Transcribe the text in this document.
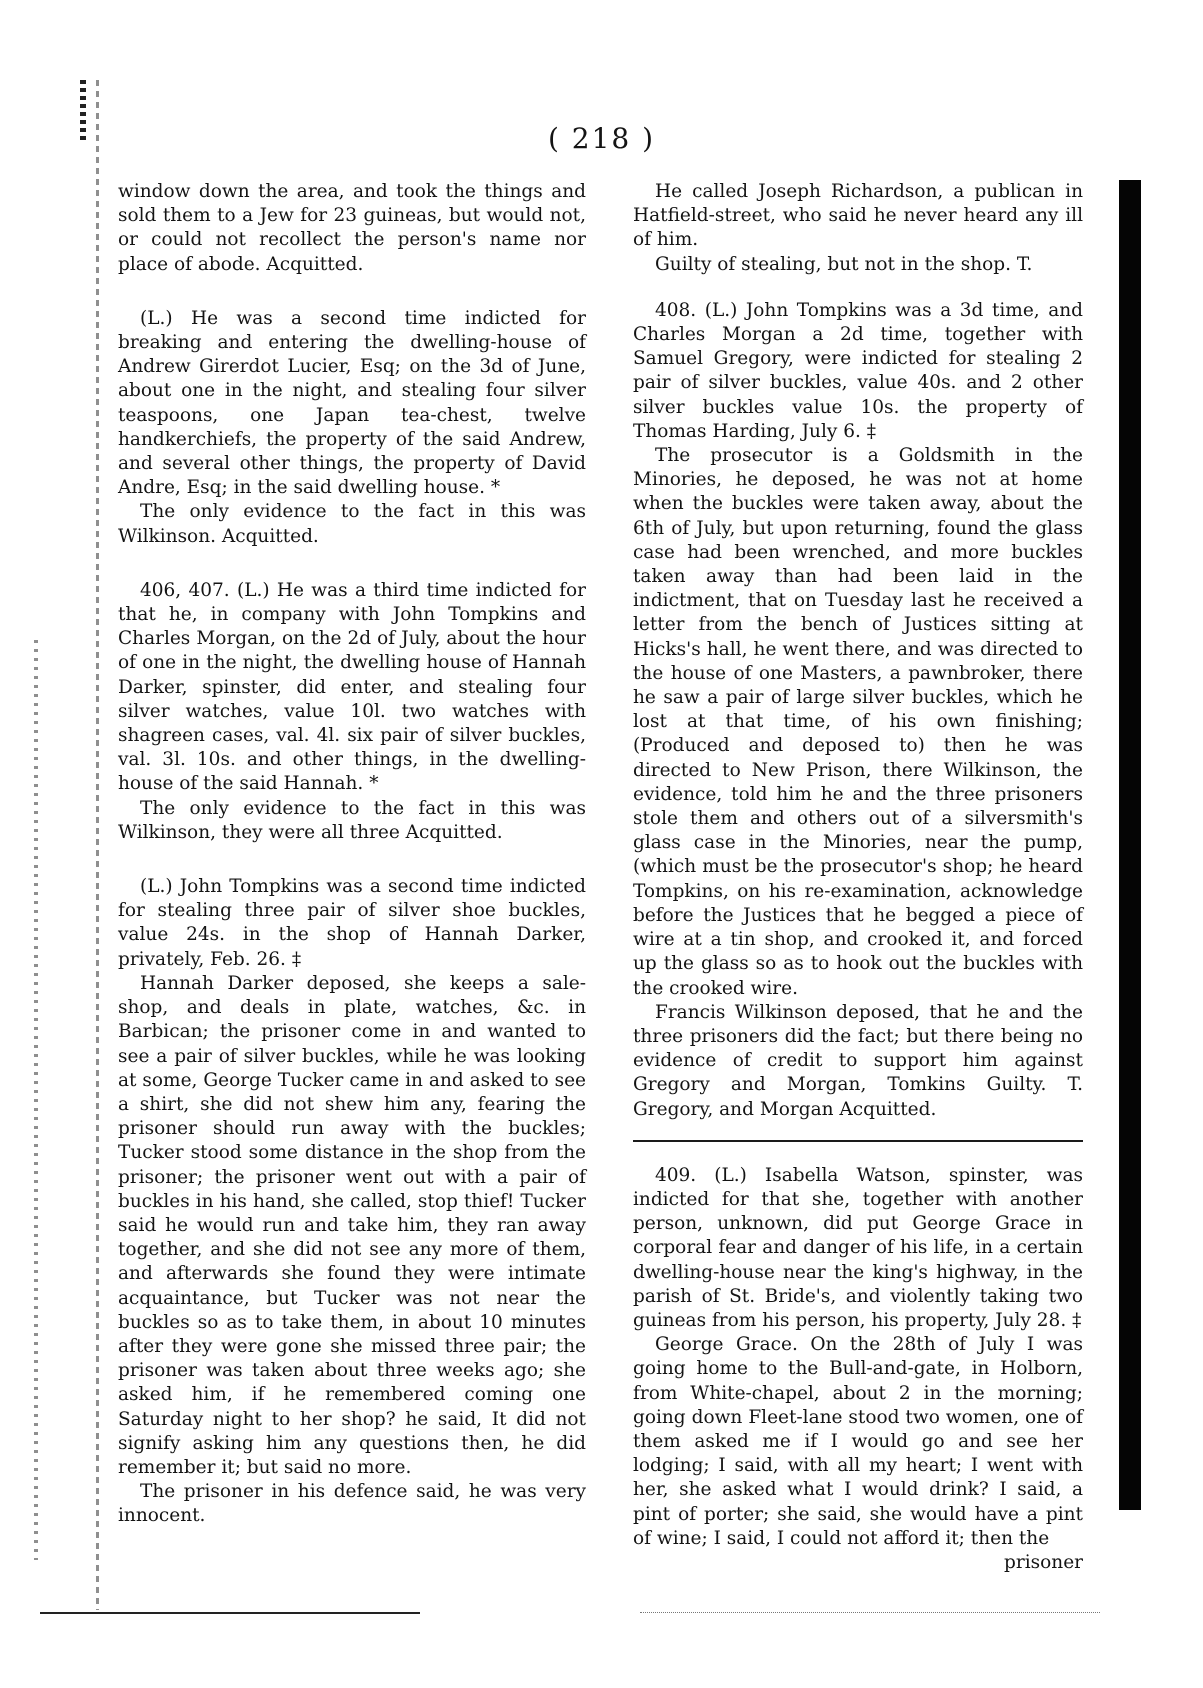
( 218 )

window down the area, and took the things and sold them to a Jew for 23 guineas, but would not, or could not recollect the person's name nor place of abode. Acquitted.

(L.) He was a second time indicted for breaking and entering the dwelling-house of Andrew Girerdot Lucier, Esq; on the 3d of June, about one in the night, and stealing four silver teaspoons, one Japan tea-chest, twelve handkerchiefs, the property of the said Andrew, and several other things, the property of David Andre, Esq; in the said dwelling house. *

The only evidence to the fact in this was Wilkinson. Acquitted.

406, 407. (L.) He was a third time indicted for that he, in company with John Tompkins and Charles Morgan, on the 2d of July, about the hour of one in the night, the dwelling house of Hannah Darker, spinster, did enter, and stealing four silver watches, value 10l. two watches with shagreen cases, val. 4l. six pair of silver buckles, val. 3l. 10s. and other things, in the dwelling-house of the said Hannah. *

The only evidence to the fact in this was Wilkinson, they were all three Acquitted.

(L.) John Tompkins was a second time indicted for stealing three pair of silver shoe buckles, value 24s. in the shop of Hannah Darker, privately, Feb. 26. ‡

Hannah Darker deposed, she keeps a sale-shop, and deals in plate, watches, &c. in Barbican; the prisoner come in and wanted to see a pair of silver buckles, while he was looking at some, George Tucker came in and asked to see a shirt, she did not shew him any, fearing the prisoner should run away with the buckles; Tucker stood some distance in the shop from the prisoner; the prisoner went out with a pair of buckles in his hand, she called, stop thief! Tucker said he would run and take him, they ran away together, and she did not see any more of them, and afterwards she found they were intimate acquaintance, but Tucker was not near the buckles so as to take them, in about 10 minutes after they were gone she missed three pair; the prisoner was taken about three weeks ago; she asked him, if he remembered coming one Saturday night to her shop? he said, It did not signify asking him any questions then, he did remember it; but said no more.

The prisoner in his defence said, he was very innocent.

He called Joseph Richardson, a publican in Hatfield-street, who said he never heard any ill of him.

Guilty of stealing, but not in the shop. T.

408. (L.) John Tompkins was a 3d time, and Charles Morgan a 2d time, together with Samuel Gregory, were indicted for stealing 2 pair of silver buckles, value 40s. and 2 other silver buckles value 10s. the property of Thomas Harding, July 6. ‡

The prosecutor is a Goldsmith in the Minories, he deposed, he was not at home when the buckles were taken away, about the 6th of July, but upon returning, found the glass case had been wrenched, and more buckles taken away than had been laid in the indictment, that on Tuesday last he received a letter from the bench of Justices sitting at Hicks's hall, he went there, and was directed to the house of one Masters, a pawnbroker, there he saw a pair of large silver buckles, which he lost at that time, of his own finishing; (Produced and deposed to) then he was directed to New Prison, there Wilkinson, the evidence, told him he and the three prisoners stole them and others out of a silversmith's glass case in the Minories, near the pump, (which must be the prosecutor's shop; he heard Tompkins, on his re-examination, acknowledge before the Justices that he begged a piece of wire at a tin shop, and crooked it, and forced up the glass so as to hook out the buckles with the crooked wire.

Francis Wilkinson deposed, that he and the three prisoners did the fact; but there being no evidence of credit to support him against Gregory and Morgan, Tomkins Guilty. T. Gregory, and Morgan Acquitted.

409. (L.) Isabella Watson, spinster, was indicted for that she, together with another person, unknown, did put George Grace in corporal fear and danger of his life, in a certain dwelling-house near the king's highway, in the parish of St. Bride's, and violently taking two guineas from his person, his property, July 28. ‡

George Grace. On the 28th of July I was going home to the Bull-and-gate, in Holborn, from White-chapel, about 2 in the morning; going down Fleet-lane stood two women, one of them asked me if I would go and see her lodging; I said, with all my heart; I went with her, she asked what I would drink? I said, a pint of porter; she said, she would have a pint of wine; I said, I could not afford it; then the

prisoner
